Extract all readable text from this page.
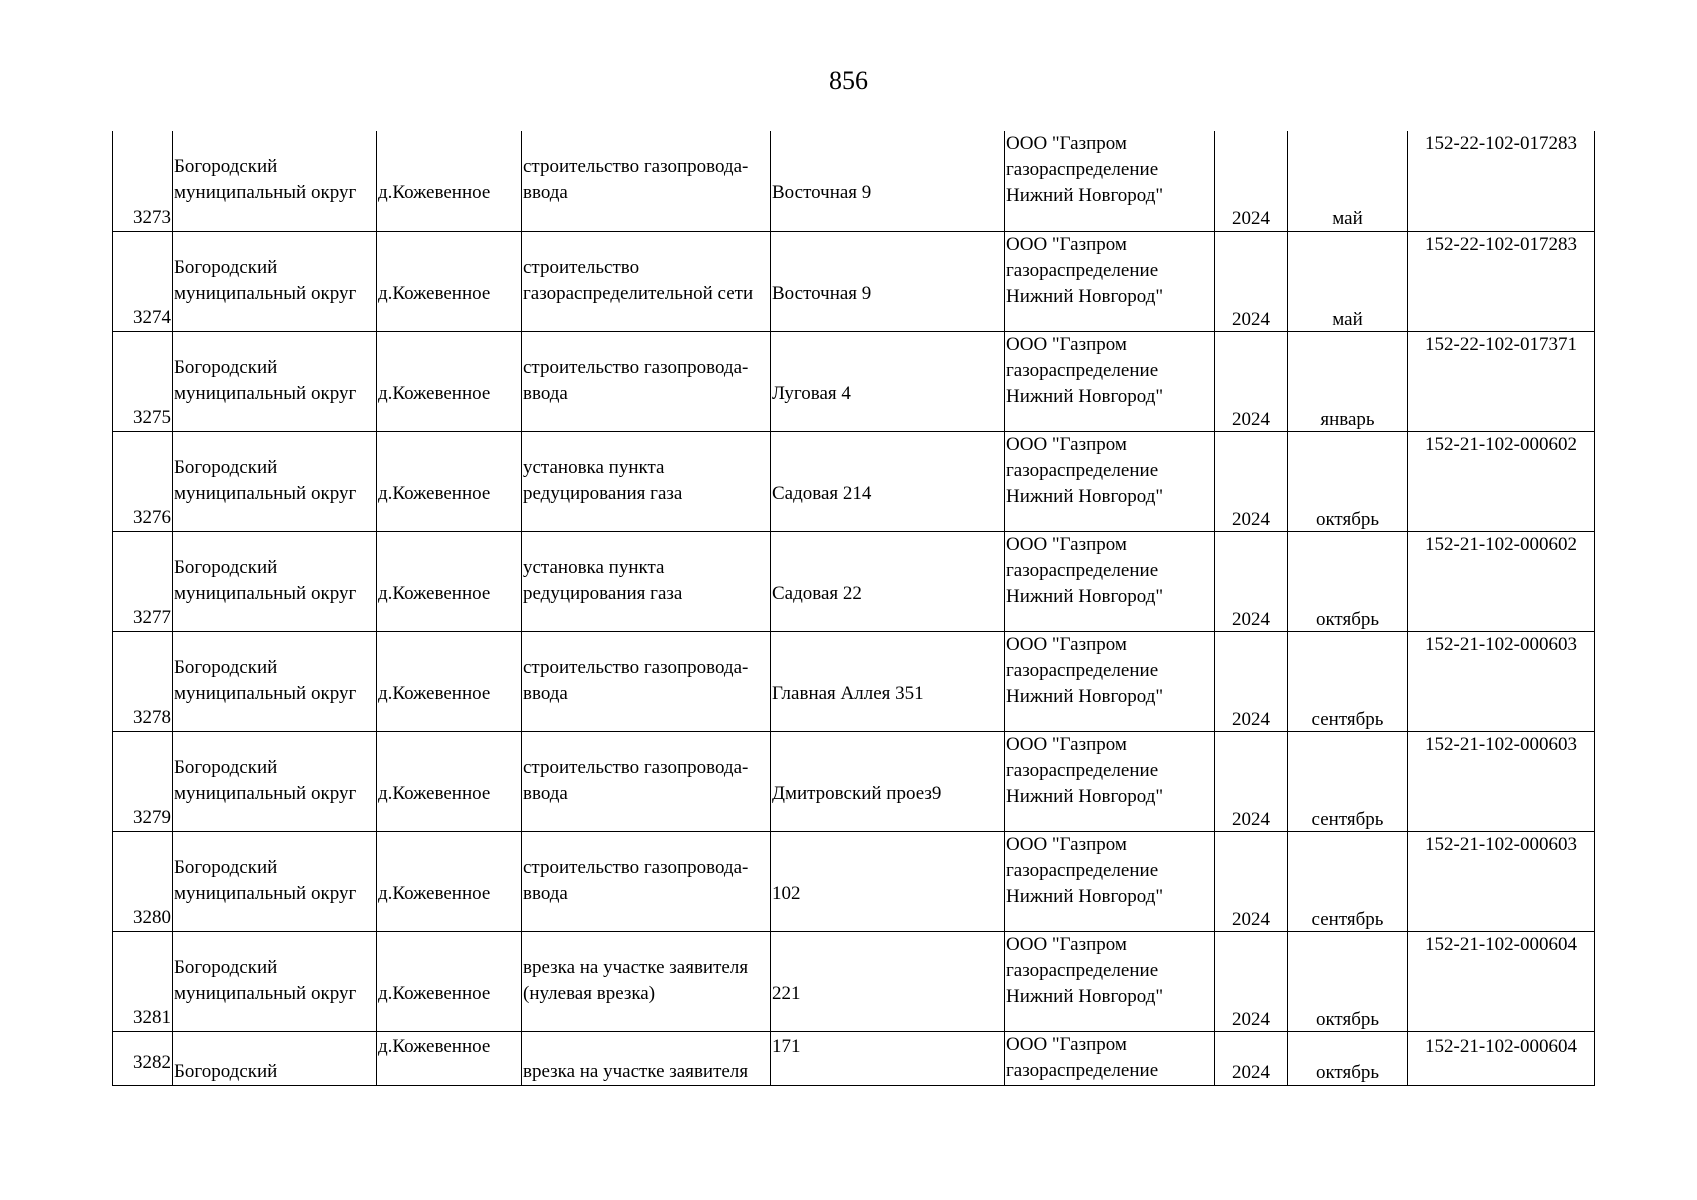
856
3273	Богородский
муниципальный округ	д.Кожевенное	строительство газопровода-
ввода	Восточная 9	ООО "Газпром
газораспределение
Нижний Новгород"	2024	май	152-22-102-017283
3274	Богородский
муниципальный округ	д.Кожевенное	строительство
газораспределительной сети	Восточная 9	ООО "Газпром
газораспределение
Нижний Новгород"	2024	май	152-22-102-017283
3275	Богородский
муниципальный округ	д.Кожевенное	строительство газопровода-
ввода	Луговая 4	ООО "Газпром
газораспределение
Нижний Новгород"	2024	январь	152-22-102-017371
3276	Богородский
муниципальный округ	д.Кожевенное	установка пункта
редуцирования газа	Садовая 214	ООО "Газпром
газораспределение
Нижний Новгород"	2024	октябрь	152-21-102-000602
3277	Богородский
муниципальный округ	д.Кожевенное	установка пункта
редуцирования газа	Садовая 22	ООО "Газпром
газораспределение
Нижний Новгород"	2024	октябрь	152-21-102-000602
3278	Богородский
муниципальный округ	д.Кожевенное	строительство газопровода-
ввода	Главная Аллея 351	ООО "Газпром
газораспределение
Нижний Новгород"	2024	сентябрь	152-21-102-000603
3279	Богородский
муниципальный округ	д.Кожевенное	строительство газопровода-
ввода	Дмитровский проез9	ООО "Газпром
газораспределение
Нижний Новгород"	2024	сентябрь	152-21-102-000603
3280	Богородский
муниципальный округ	д.Кожевенное	строительство газопровода-
ввода	102	ООО "Газпром
газораспределение
Нижний Новгород"	2024	сентябрь	152-21-102-000603
3281	Богородский
муниципальный округ	д.Кожевенное	врезка на участке заявителя
(нулевая врезка)	221	ООО "Газпром
газораспределение
Нижний Новгород"	2024	октябрь	152-21-102-000604
3282	Богородский	д.Кожевенное	врезка на участке заявителя	171	ООО "Газпром
газораспределение	2024	октябрь	152-21-102-000604
